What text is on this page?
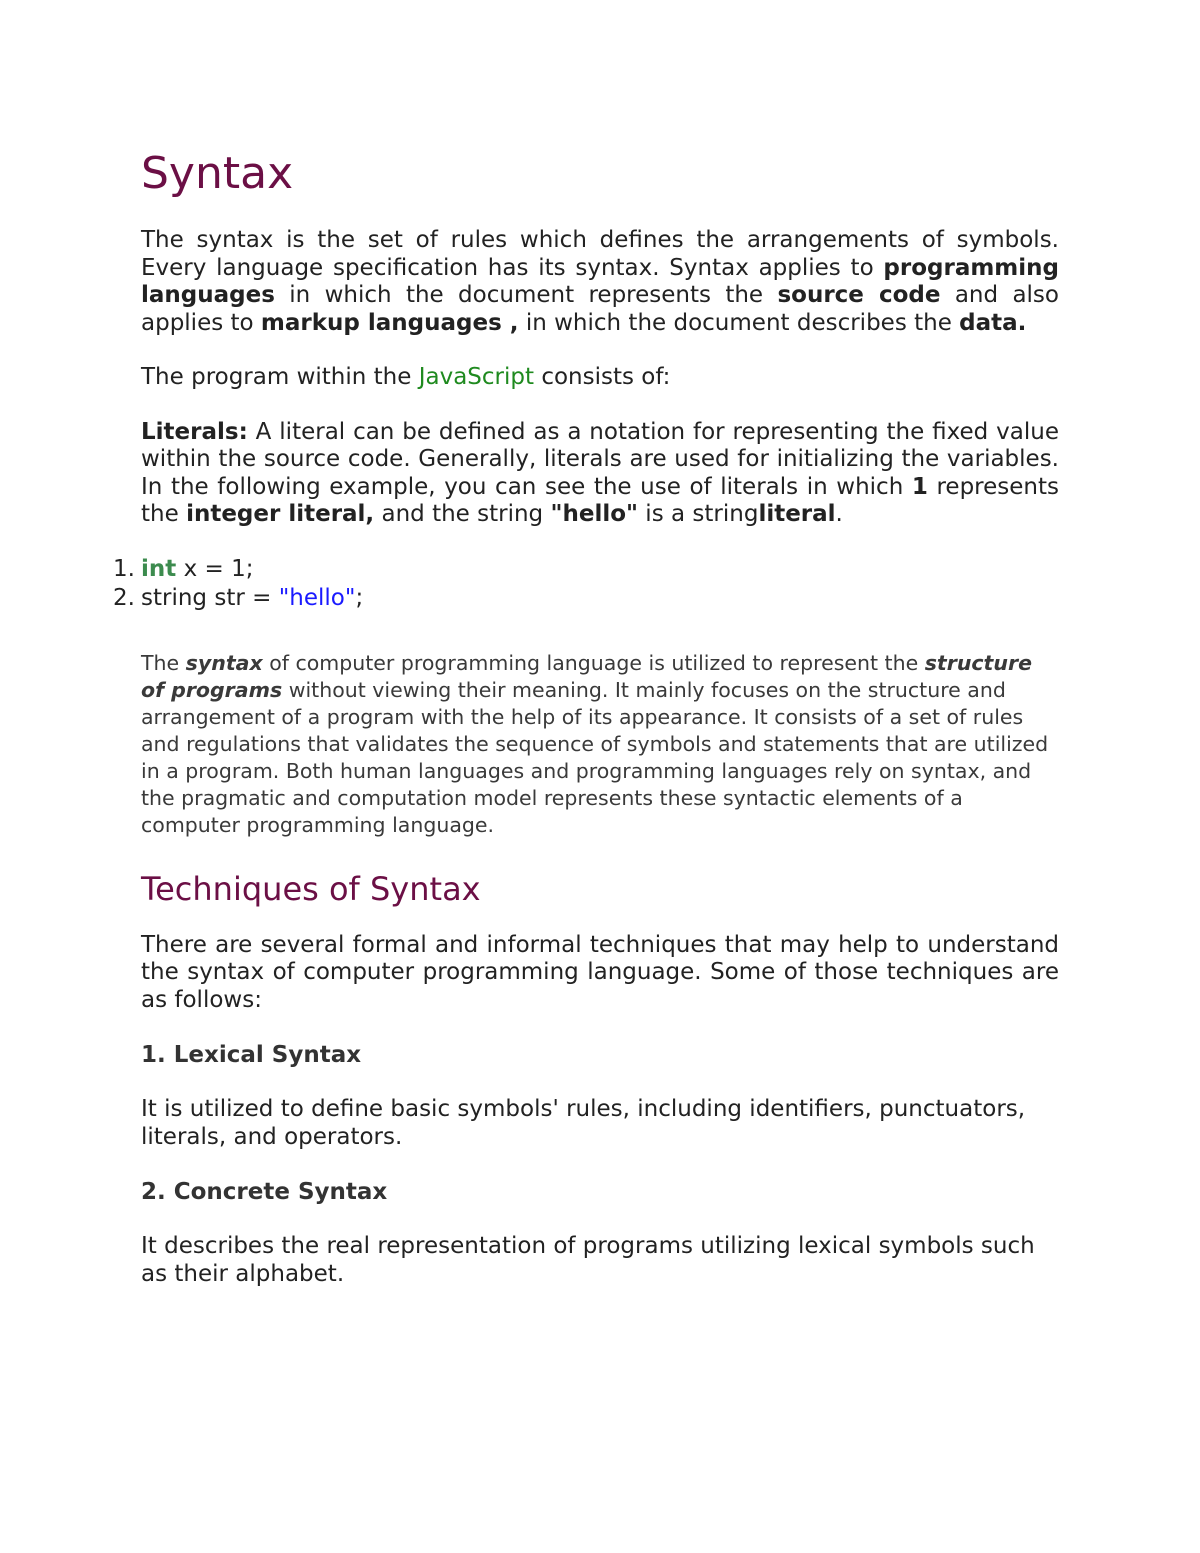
Syntax

The syntax is the set of rules which defines the arrangements of symbols. Every language specification has its syntax. Syntax applies to programming languages in which the document represents the source code and also applies to markup languages , in which the document describes the data.

The program within the JavaScript consists of:

Literals: A literal can be defined as a notation for representing the fixed value within the source code. Generally, literals are used for initializing the variables. In the following example, you can see the use of literals in which 1 represents the integer literal, and the string "hello" is a stringliteral.

1. int x = 1;
2. string str = "hello";

The syntax of computer programming language is utilized to represent the structure of programs without viewing their meaning. It mainly focuses on the structure and arrangement of a program with the help of its appearance. It consists of a set of rules and regulations that validates the sequence of symbols and statements that are utilized in a program. Both human languages and programming languages rely on syntax, and the pragmatic and computation model represents these syntactic elements of a computer programming language.

Techniques of Syntax

There are several formal and informal techniques that may help to understand the syntax of computer programming language. Some of those techniques are as follows:

1. Lexical Syntax

It is utilized to define basic symbols' rules, including identifiers, punctuators, literals, and operators.

2. Concrete Syntax

It describes the real representation of programs utilizing lexical symbols such as their alphabet.
